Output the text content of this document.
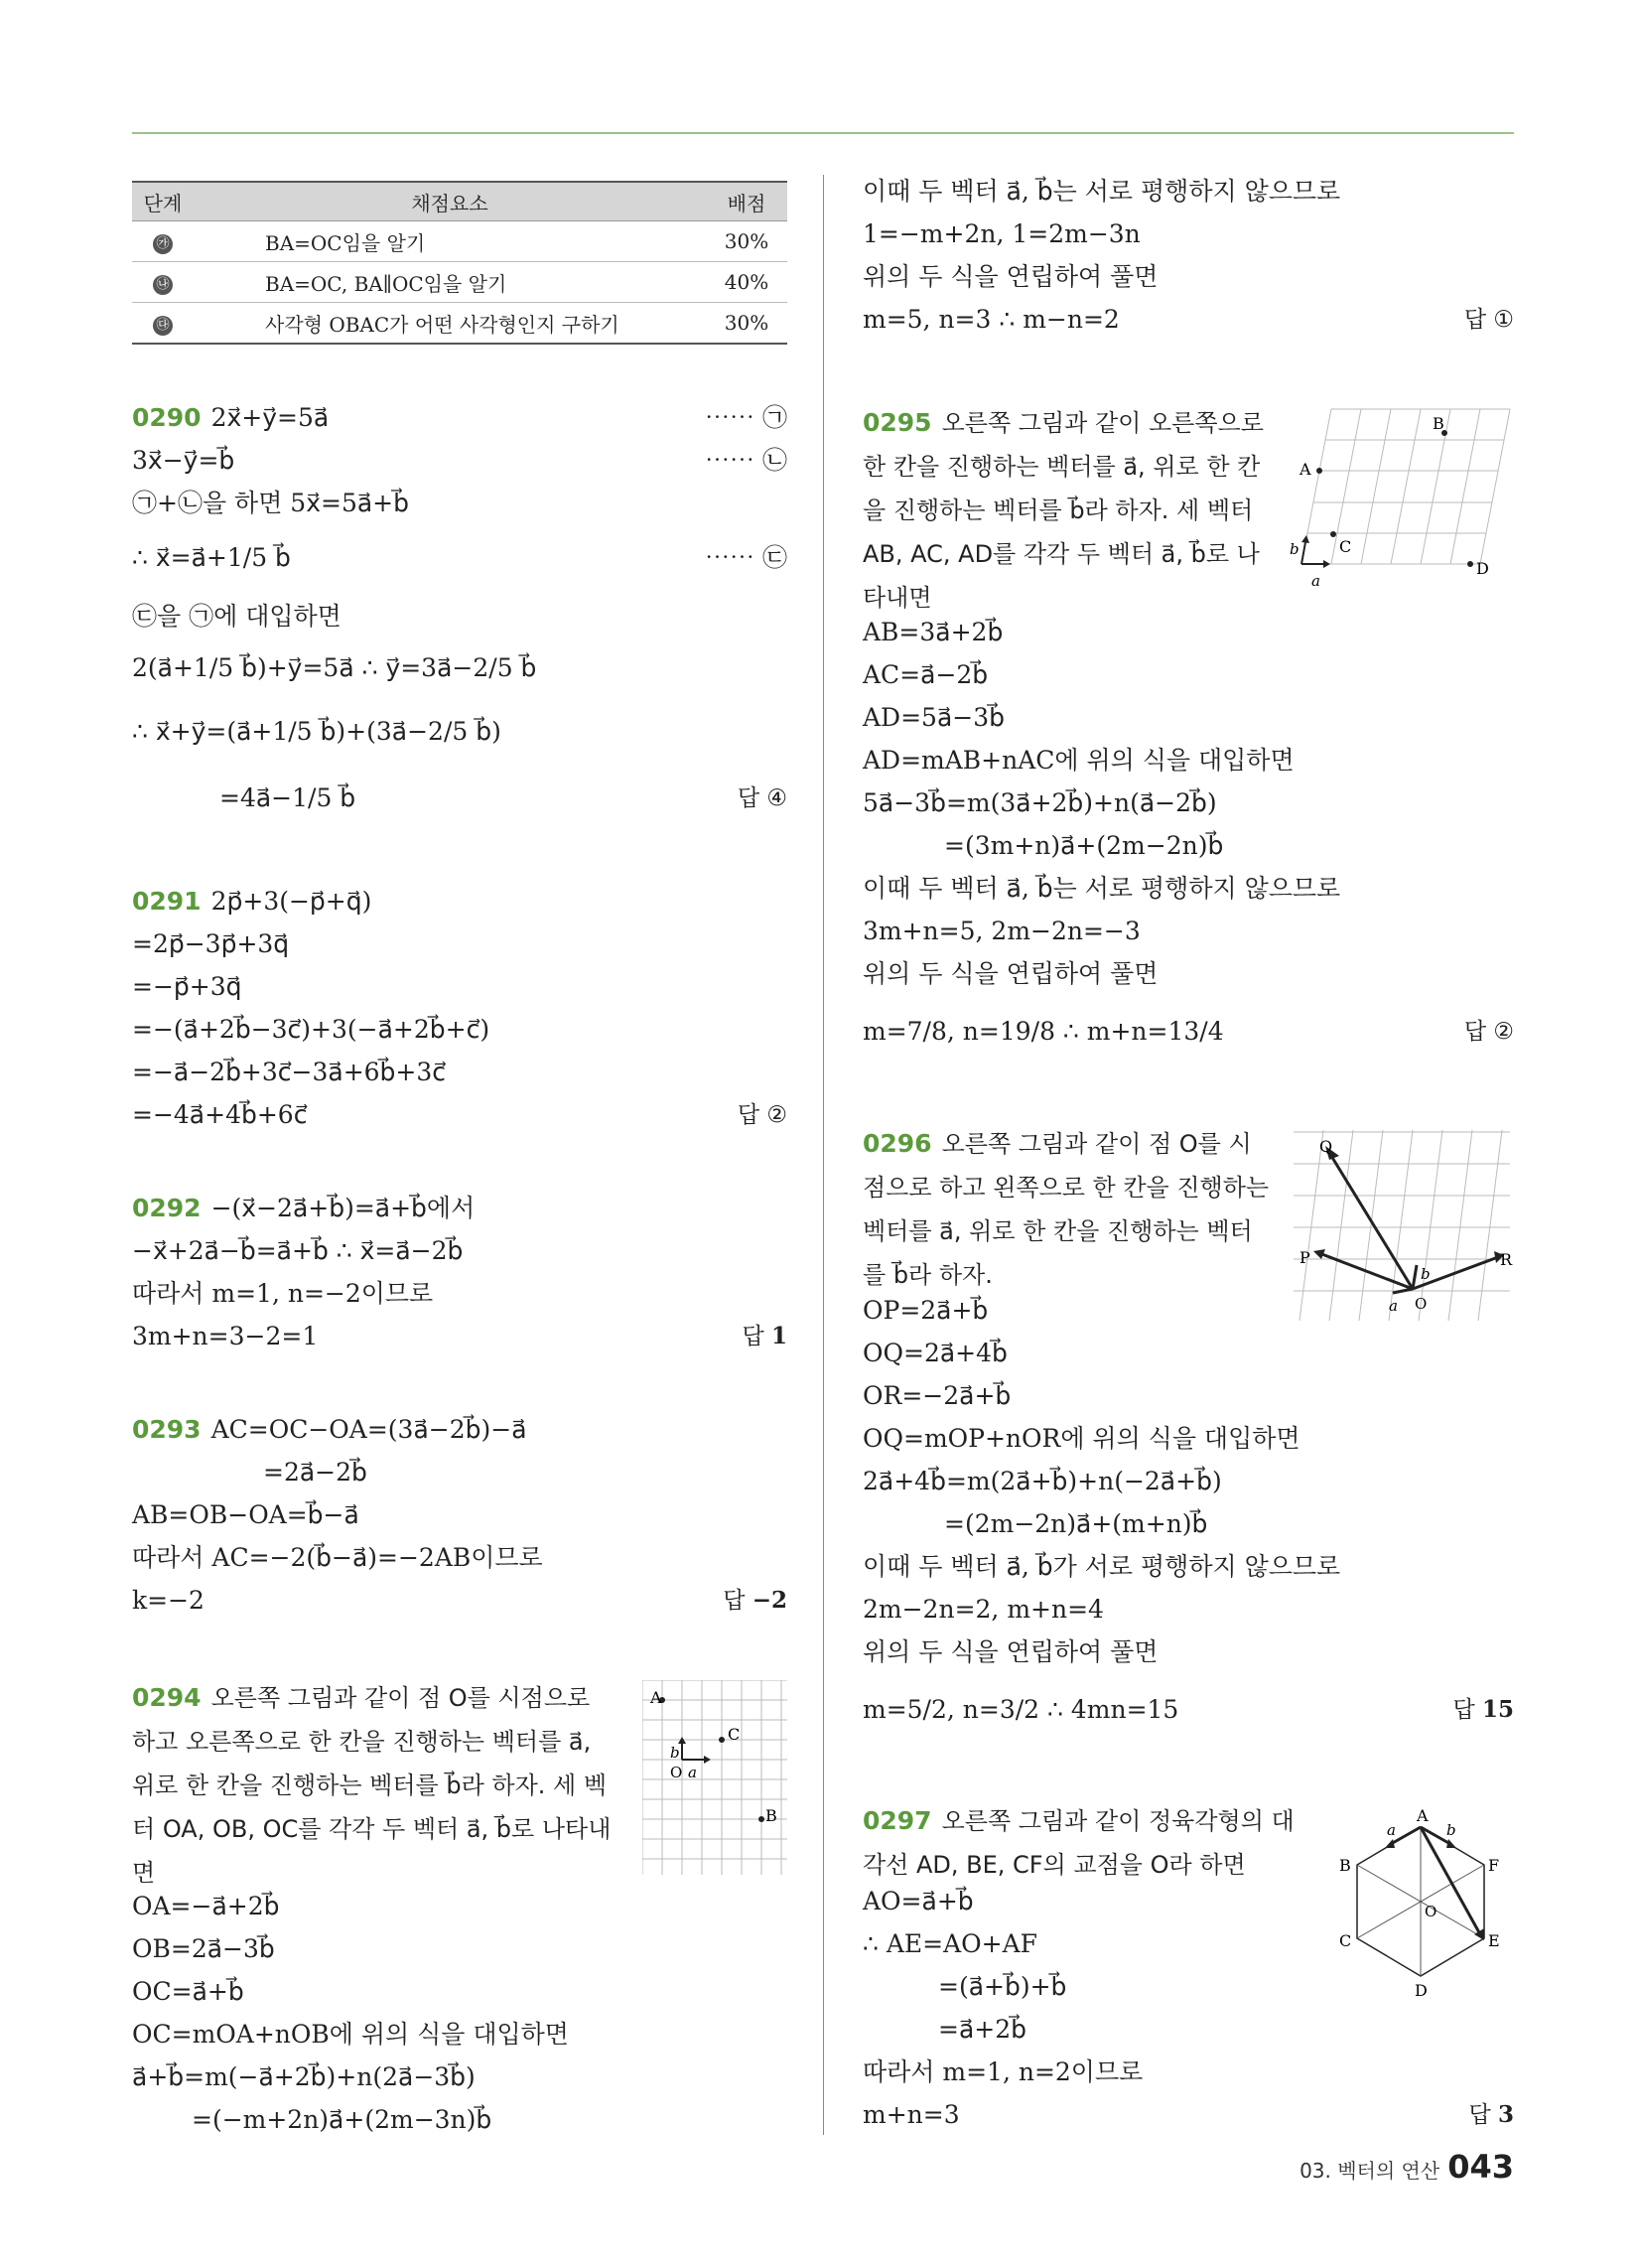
단계	채점요소	배점
㉮	BA=OC임을 알기	30%
㉯	BA=OC, BA∥OC임을 알기	40%
㉰	사각형 OBAC가 어떤 사각형인지 구하기	30%
0290 2x⃗+y⃗=5a⃗	⋯⋯ ㉠
3x⃗−y⃗=b⃗	⋯⋯ ㉡
㉠+㉡을 하면 5x⃗=5a⃗+b⃗
∴ x⃗=a⃗+1/5 b⃗	⋯⋯ ㉢
㉢을 ㉠에 대입하면
2(a⃗+1/5 b⃗)+y⃗=5a⃗ ∴ y⃗=3a⃗−2/5 b⃗
∴ x⃗+y⃗=(a⃗+1/5 b⃗)+(3a⃗−2/5 b⃗)
=4a⃗−1/5 b⃗	답 ④
0291 2p⃗+3(−p⃗+q⃗)
=2p⃗−3p⃗+3q⃗
=−p⃗+3q⃗
=−(a⃗+2b⃗−3c⃗)+3(−a⃗+2b⃗+c⃗)
=−a⃗−2b⃗+3c⃗−3a⃗+6b⃗+3c⃗
=−4a⃗+4b⃗+6c⃗	답 ②
0292 −(x⃗−2a⃗+b⃗)=a⃗+b⃗에서
−x⃗+2a⃗−b⃗=a⃗+b⃗ ∴ x⃗=a⃗−2b⃗
따라서 m=1, n=−2이므로
3m+n=3−2=1	답 1
0293 AC=OC−OA=(3a⃗−2b⃗)−a⃗
=2a⃗−2b⃗
AB=OB−OA=b⃗−a⃗
따라서 AC=−2(b⃗−a⃗)=−2AB이므로
k=−2	답 −2
0294 오른쪽 그림과 같이 점 O를 시점으로 하고 오른쪽으로 한 칸을 진행하는 벡터를 a⃗, 위로 한 칸을 진행하는 벡터를 b⃗라 하자. 세 벡터 OA, OB, OC를 각각 두 벡터 a⃗, b⃗로 나타내면
OA=−a⃗+2b⃗
OB=2a⃗−3b⃗
OC=a⃗+b⃗
OC=mOA+nOB에 위의 식을 대입하면
a⃗+b⃗=m(−a⃗+2b⃗)+n(2a⃗−3b⃗)
=(−m+2n)a⃗+(2m−3n)b⃗
A
C
B
O
b
a
이때 두 벡터 a⃗, b⃗는 서로 평행하지 않으므로
1=−m+2n, 1=2m−3n
위의 두 식을 연립하여 풀면
m=5, n=3 ∴ m−n=2	답 ①
0295 오른쪽 그림과 같이 오른쪽으로 한 칸을 진행하는 벡터를 a⃗, 위로 한 칸을 진행하는 벡터를 b⃗라 하자. 세 벡터 AB, AC, AD를 각각 두 벡터 a⃗, b⃗로 나타내면
AB=3a⃗+2b⃗
AC=a⃗−2b⃗
AD=5a⃗−3b⃗
AD=mAB+nAC에 위의 식을 대입하면
5a⃗−3b⃗=m(3a⃗+2b⃗)+n(a⃗−2b⃗)
=(3m+n)a⃗+(2m−2n)b⃗
이때 두 벡터 a⃗, b⃗는 서로 평행하지 않으므로
3m+n=5, 2m−2n=−3
위의 두 식을 연립하여 풀면
m=7/8, n=19/8 ∴ m+n=13/4	답 ②
A
B
C
D
b
a
0296 오른쪽 그림과 같이 점 O를 시점으로 하고 왼쪽으로 한 칸을 진행하는 벡터를 a⃗, 위로 한 칸을 진행하는 벡터를 b⃗라 하자.
OP=2a⃗+b⃗
OQ=2a⃗+4b⃗
OR=−2a⃗+b⃗
OQ=mOP+nOR에 위의 식을 대입하면
2a⃗+4b⃗=m(2a⃗+b⃗)+n(−2a⃗+b⃗)
=(2m−2n)a⃗+(m+n)b⃗
이때 두 벡터 a⃗, b⃗가 서로 평행하지 않으므로
2m−2n=2, m+n=4
위의 두 식을 연립하여 풀면
m=5/2, n=3/2 ∴ 4mn=15	답 15
Q
P	R
O
a
b
0297 오른쪽 그림과 같이 정육각형의 대각선 AD, BE, CF의 교점을 O라 하면
AO=a⃗+b⃗
∴ AE=AO+AF
=(a⃗+b⃗)+b⃗
=a⃗+2b⃗
따라서 m=1, n=2이므로
m+n=3	답 3
A
B
C
D
E
F
O
a	b
03. 벡터의 연산 043
